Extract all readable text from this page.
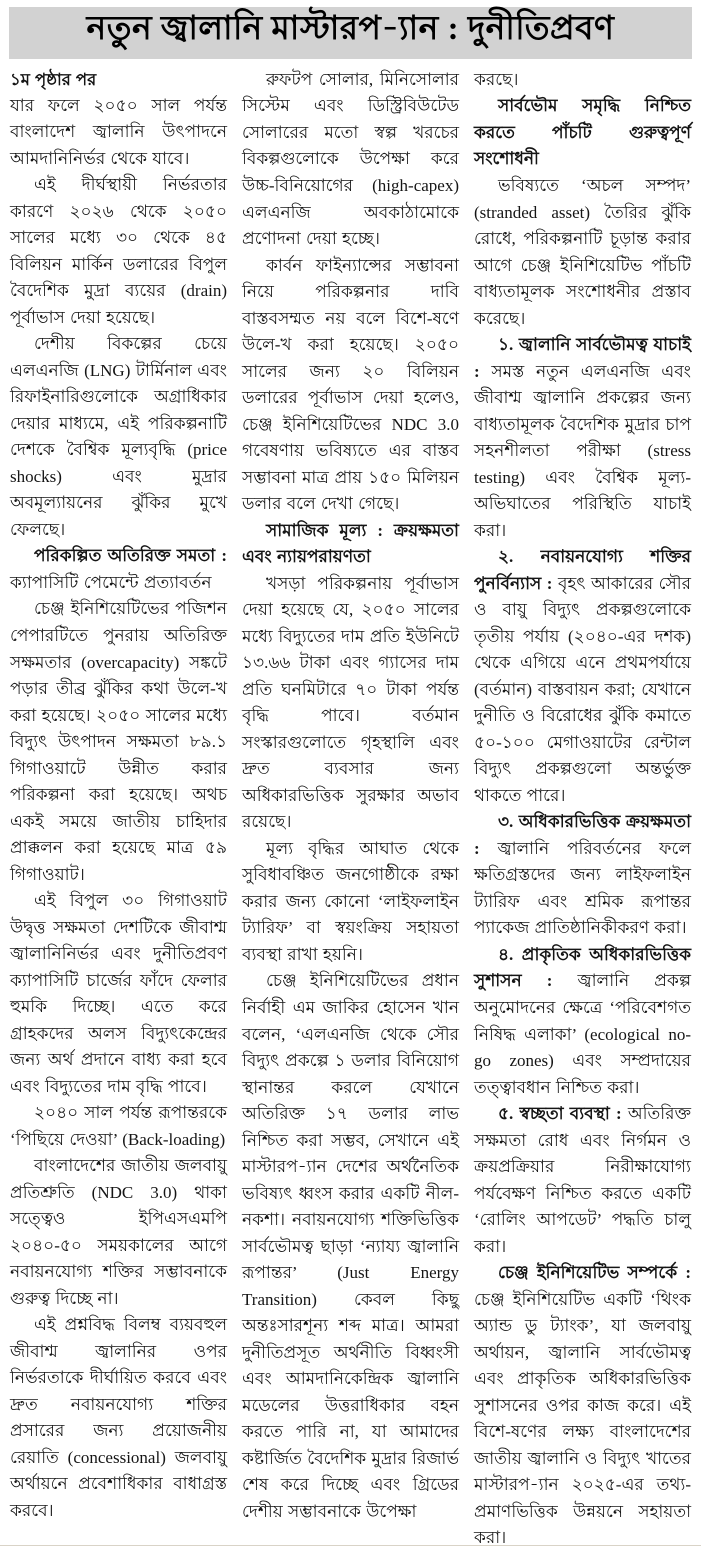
নতুন জ্বালানি মাস্টারপ-্যান : দুনীতিপ্রবণ

১ম পৃষ্ঠার পর

যার ফলে ২০৫০ সাল পর্যন্ত বাংলাদেশ জ্বালানি উৎপাদনে আমদানিনির্ভর থেকে যাবে।

এই দীর্ঘস্থায়ী নির্ভরতার কারণে ২০২৬ থেকে ২০৫০ সালের মধ্যে ৩০ থেকে ৪৫ বিলিয়ন মার্কিন ডলারের বিপুল বৈদেশিক মুদ্রা ব্যয়ের (drain) পূর্বাভাস দেয়া হয়েছে।

দেশীয় বিকল্পের চেয়ে এলএনজি (LNG) টার্মিনাল এবং রিফাইনারিগুলোকে অগ্রাধিকার দেয়ার মাধ্যমে, এই পরিকল্পনাটি দেশকে বৈশ্বিক মূল্যবৃদ্ধি (price shocks) এবং মুদ্রার অবমূল্যায়নের ঝুঁকির মুখে ফেলছে।

পরিকল্পিত অতিরিক্ত সমতা : ক্যাপাসিটি পেমেন্টে প্রত্যাবর্তন

চেঞ্জ ইনিশিয়েটিভের পজিশন পেপারটিতে পুনরায় অতিরিক্ত সক্ষমতার (overcapacity) সঙ্কটে পড়ার তীব্র ঝুঁকির কথা উলে-খ করা হয়েছে। ২০৫০ সালের মধ্যে বিদ্যুৎ উৎপাদন সক্ষমতা ৮৯.১ গিগাওয়াটে উন্নীত করার পরিকল্পনা করা হয়েছে। অথচ একই সময়ে জাতীয় চাহিদার প্রাক্কলন করা হয়েছে মাত্র ৫৯ গিগাওয়াট।

এই বিপুল ৩০ গিগাওয়াট উদ্বৃত্ত সক্ষমতা দেশটিকে জীবাশ্ম জ্বালানিনির্ভর এবং দুনীতিপ্রবণ ক্যাপাসিটি চার্জের ফাঁদে ফেলার হুমকি দিচ্ছে। এতে করে গ্রাহকদের অলস বিদ্যুৎকেন্দ্রের জন্য অর্থ প্রদানে বাধ্য করা হবে এবং বিদ্যুতের দাম বৃদ্ধি পাবে।

২০৪০ সাল পর্যন্ত রূপান্তরকে ‘পিছিয়ে দেওয়া’ (Back-loading)

বাংলাদেশের জাতীয় জলবায়ু প্রতিশ্রুতি (NDC 3.0) থাকা সত্ত্বেও ইপিএসএমপি ২০৪০-৫০ সময়কালের আগে নবায়নযোগ্য শক্তির সম্ভাবনাকে গুরুত্ব দিচ্ছে না।

এই প্রশ্নবিদ্ধ বিলম্ব ব্যয়বহুল জীবাশ্ম জ্বালানির ওপর নির্ভরতাকে দীর্ঘায়িত করবে এবং দ্রুত নবায়নযোগ্য শক্তির প্রসারের জন্য প্রয়োজনীয় রেয়াতি (concessional) জলবায়ু অর্থায়নে প্রবেশাধিকার বাধাগ্রস্ত করবে।

রুফটপ সোলার, মিনিসোলার সিস্টেম এবং ডিস্ট্রিবিউটেড সোলারের মতো স্বল্প খরচের বিকল্পগুলোকে উপেক্ষা করে উচ্চ-বিনিয়োগের (high-capex) এলএনজি অবকাঠামোকে প্রণোদনা দেয়া হচ্ছে।

কার্বন ফাইন্যান্সের সম্ভাবনা নিয়ে পরিকল্পনার দাবি বাস্তবসম্মত নয় বলে বিশে-ষণে উলে-খ করা হয়েছে। ২০৫০ সালের জন্য ২০ বিলিয়ন ডলারের পূর্বাভাস দেয়া হলেও, চেঞ্জ ইনিশিয়েটিভের NDC 3.0 গবেষণায় ভবিষ্যতে এর বাস্তব সম্ভাবনা মাত্র প্রায় ১৫০ মিলিয়ন ডলার বলে দেখা গেছে।

সামাজিক মূল্য : ক্রয়ক্ষমতা এবং ন্যায়পরায়ণতা

খসড়া পরিকল্পনায় পূর্বাভাস দেয়া হয়েছে যে, ২০৫০ সালের মধ্যে বিদ্যুতের দাম প্রতি ইউনিটে ১৩.৬৬ টাকা এবং গ্যাসের দাম প্রতি ঘনমিটারে ৭০ টাকা পর্যন্ত বৃদ্ধি পাবে। বর্তমান সংস্কারগুলোতে গৃহস্থালি এবং দ্রুত ব্যবসার জন্য অধিকারভিত্তিক সুরক্ষার অভাব রয়েছে।

মূল্য বৃদ্ধির আঘাত থেকে সুবিধাবঞ্চিত জনগোষ্ঠীকে রক্ষা করার জন্য কোনো ‘লাইফলাইন ট্যারিফ’ বা স্বয়ংক্রিয় সহায়তা ব্যবস্থা রাখা হয়নি।

চেঞ্জ ইনিশিয়েটিভের প্রধান নির্বাহী এম জাকির হোসেন খান বলেন, ‘এলএনজি থেকে সৌর বিদ্যুৎ প্রকল্পে ১ ডলার বিনিয়োগ স্থানান্তর করলে যেখানে অতিরিক্ত ১৭ ডলার লাভ নিশ্চিত করা সম্ভব, সেখানে এই মাস্টারপ-্যান দেশের অর্থনৈতিক ভবিষ্যৎ ধ্বংস করার একটি নীল-নকশা। নবায়নযোগ্য শক্তিভিত্তিক সার্বভৌমত্ব ছাড়া ‘ন্যায্য জ্বালানি রূপান্তর’ (Just Energy Transition) কেবল কিছু অন্তঃসারশূন্য শব্দ মাত্র। আমরা দুনীতিপ্রসূত অর্থনীতি বিধ্বংসী এবং আমদানিকেন্দ্রিক জ্বালানি মডেলের উত্তরাধিকার বহন করতে পারি না, যা আমাদের কষ্টার্জিত বৈদেশিক মুদ্রার রিজার্ভ শেষ করে দিচ্ছে এবং গ্রিডের দেশীয় সম্ভাবনাকে উপেক্ষা

করছে।

সার্বভৌম সমৃদ্ধি নিশ্চিত করতে পাঁচটি গুরুত্বপূর্ণ সংশোধনী

ভবিষ্যতে ‘অচল সম্পদ’ (stranded asset) তৈরির ঝুঁকি রোধে, পরিকল্পনাটি চূড়ান্ত করার আগে চেঞ্জ ইনিশিয়েটিভ পাঁচটি বাধ্যতামূলক সংশোধনীর প্রস্তাব করেছে।

১. জ্বালানি সার্বভৌমত্ব যাচাই : সমস্ত নতুন এলএনজি এবং জীবাশ্ম জ্বালানি প্রকল্পের জন্য বাধ্যতামূলক বৈদেশিক মুদ্রার চাপ সহনশীলতা পরীক্ষা (stress testing) এবং বৈশ্বিক মূল্য-অভিঘাতের পরিস্থিতি যাচাই করা।

২. নবায়নযোগ্য শক্তির পুনর্বিন্যাস : বৃহৎ আকারের সৌর ও বায়ু বিদ্যুৎ প্রকল্পগুলোকে তৃতীয় পর্যায় (২০৪০-এর দশক) থেকে এগিয়ে এনে প্রথমপর্যায়ে (বর্তমান) বাস্তবায়ন করা; যেখানে দুনীতি ও বিরোধের ঝুঁকি কমাতে ৫০-১০০ মেগাওয়াটের রেন্টাল বিদ্যুৎ প্রকল্পগুলো অন্তর্ভুক্ত থাকতে পারে।

৩. অধিকারভিত্তিক ক্রয়ক্ষমতা : জ্বালানি পরিবর্তনের ফলে ক্ষতিগ্রস্তদের জন্য লাইফলাইন ট্যারিফ এবং শ্রমিক রূপান্তর প্যাকেজ প্রাতিষ্ঠানিকীকরণ করা।

৪. প্রাকৃতিক অধিকারভিত্তিক সুশাসন : জ্বালানি প্রকল্প অনুমোদনের ক্ষেত্রে ‘পরিবেশগত নিষিদ্ধ এলাকা’ (ecological no-go zones) এবং সম্প্রদায়ের তত্ত্বাবধান নিশ্চিত করা।

৫. স্বচ্ছতা ব্যবস্থা : অতিরিক্ত সক্ষমতা রোধ এবং নির্গমন ও ক্রয়প্রক্রিয়ার নিরীক্ষাযোগ্য পর্যবেক্ষণ নিশ্চিত করতে একটি ‘রোলিং আপডেট’ পদ্ধতি চালু করা।

চেঞ্জ ইনিশিয়েটিভ সম্পর্কে : চেঞ্জ ইনিশিয়েটিভ একটি ‘থিংক অ্যান্ড ডু ট্যাংক’, যা জলবায়ু অর্থায়ন, জ্বালানি সার্বভৌমত্ব এবং প্রাকৃতিক অধিকারভিত্তিক সুশাসনের ওপর কাজ করে। এই বিশে-ষণের লক্ষ্য বাংলাদেশের জাতীয় জ্বালানি ও বিদ্যুৎ খাতের মাস্টারপ-্যান ২০২৫-এর তথ্য-প্রমাণভিত্তিক উন্নয়নে সহায়তা করা।
